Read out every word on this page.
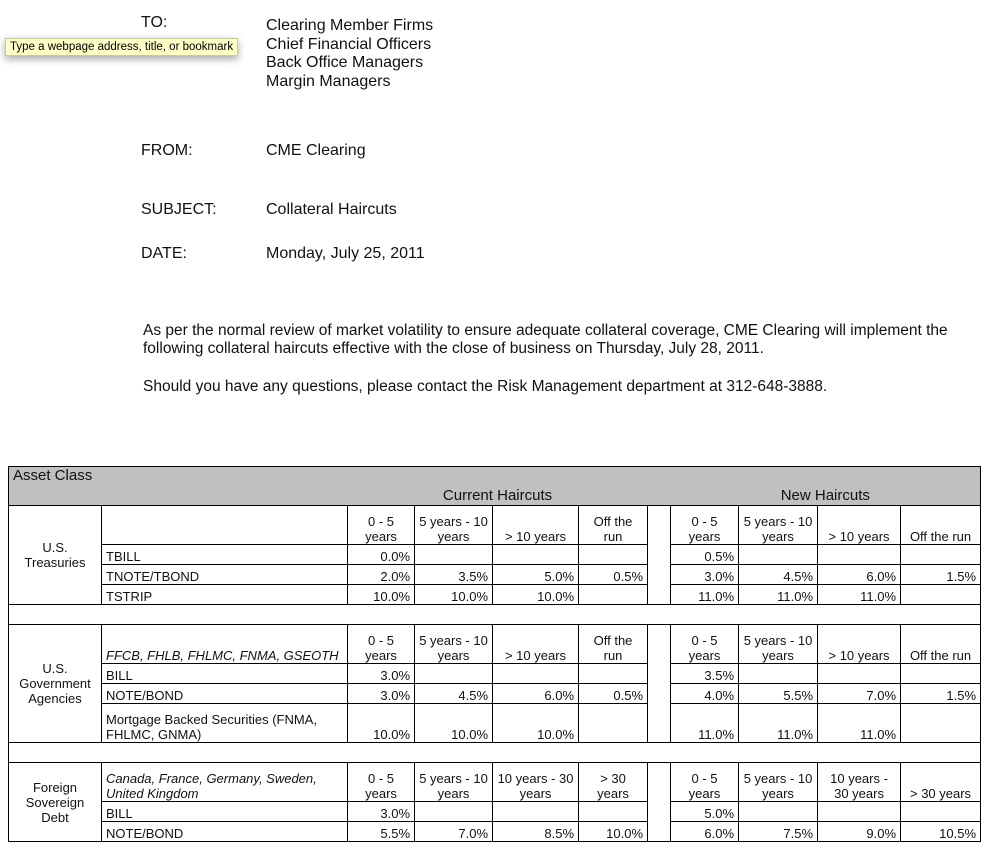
Type a webpage address, title, or bookmark
TO:	Clearing Member Firms
Chief Financial Officers
Back Office Managers
Margin Managers
FROM:	CME Clearing
SUBJECT:	Collateral Haircuts
DATE:	Monday, July 25, 2011
As per the normal review of market volatility to ensure adequate collateral coverage, CME Clearing will implement the following collateral haircuts effective with the close of business on Thursday, July 28, 2011.
Should you have any questions, please contact the Risk Management department at 312-648-3888.
Asset Class		Current Haircuts					New Haircuts			
U.S. Treasuries		0 - 5 years	5 years - 10 years	> 10 years	Off the run		0 - 5 years	5 years - 10 years	> 10 years	Off the run
	TBILL	0.0%					0.5%			
	TNOTE/TBOND	2.0%	3.5%	5.0%	0.5%		3.0%	4.5%	6.0%	1.5%
	TSTRIP	10.0%	10.0%	10.0%			11.0%	11.0%	11.0%	

U.S. Government Agencies	FFCB, FHLB, FHLMC, FNMA, GSEOTH	0 - 5 years	5 years - 10 years	> 10 years	Off the run		0 - 5 years	5 years - 10 years	> 10 years	Off the run
	BILL	3.0%					3.5%			
	NOTE/BOND	3.0%	4.5%	6.0%	0.5%		4.0%	5.5%	7.0%	1.5%
	Mortgage Backed Securities (FNMA, FHLMC, GNMA)	10.0%	10.0%	10.0%			11.0%	11.0%	11.0%	

Foreign Sovereign Debt	Canada, France, Germany, Sweden, United Kingdom	0 - 5 years	5 years - 10 years	10 years - 30 years	> 30 years		0 - 5 years	5 years - 10 years	10 years - 30 years	> 30 years
	BILL	3.0%					5.0%			
	NOTE/BOND	5.5%	7.0%	8.5%	10.0%		6.0%	7.5%	9.0%	10.5%
